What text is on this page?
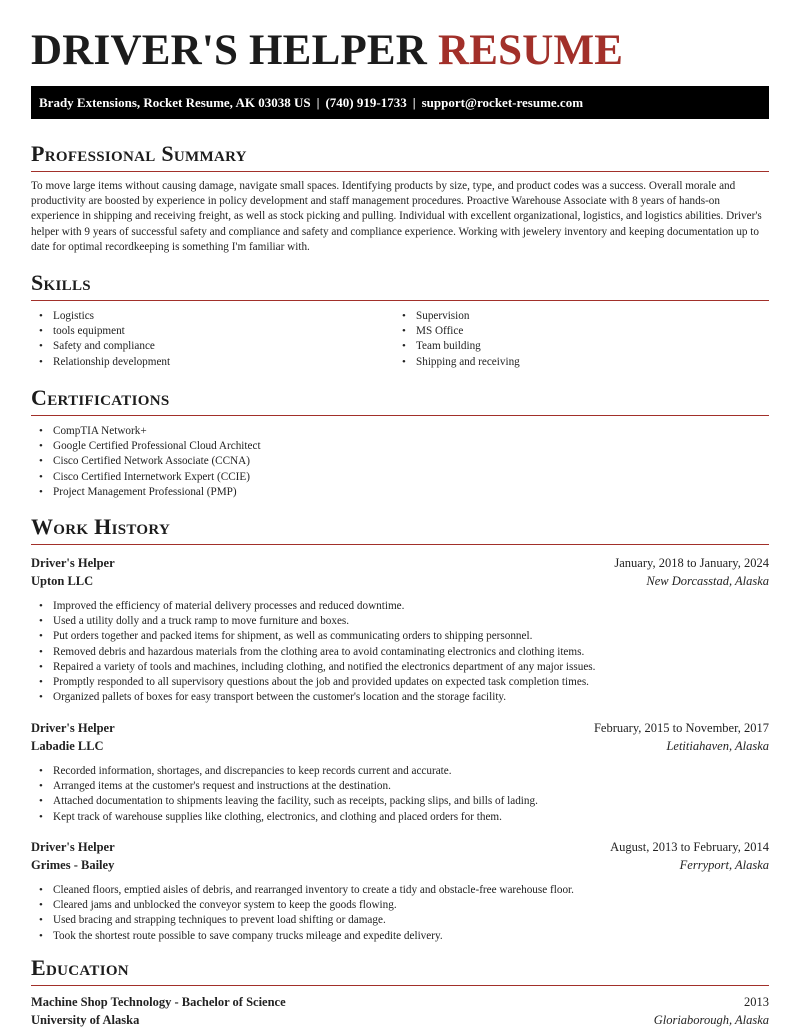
DRIVER'S HELPER RESUME
Brady Extensions, Rocket Resume, AK 03038 US | (740) 919-1733 | support@rocket-resume.com
Professional Summary

To move large items without causing damage, navigate small spaces. Identifying products by size, type, and product codes was a success. Overall morale and productivity are boosted by experience in policy development and staff management procedures. Proactive Warehouse Associate with 8 years of hands-on experience in shipping and receiving freight, as well as stock picking and pulling. Individual with excellent organizational, logistics, and logistics abilities. Driver's helper with 9 years of successful safety and compliance and safety and compliance experience. Working with jewelery inventory and keeping documentation up to date for optimal recordkeeping is something I'm familiar with.

Skills
• Logistics
• tools equipment
• Safety and compliance
• Relationship development
• Supervision
• MS Office
• Team building
• Shipping and receiving
Certifications
• CompTIA Network+
• Google Certified Professional Cloud Architect
• Cisco Certified Network Associate (CCNA)
• Cisco Certified Internetwork Expert (CCIE)
• Project Management Professional (PMP)
Work History
Driver's Helper	January, 2018 to January, 2024
Upton LLC	New Dorcasstad, Alaska
• Improved the efficiency of material delivery processes and reduced downtime.
• Used a utility dolly and a truck ramp to move furniture and boxes.
• Put orders together and packed items for shipment, as well as communicating orders to shipping personnel.
• Removed debris and hazardous materials from the clothing area to avoid contaminating electronics and clothing items.
• Repaired a variety of tools and machines, including clothing, and notified the electronics department of any major issues.
• Promptly responded to all supervisory questions about the job and provided updates on expected task completion times.
• Organized pallets of boxes for easy transport between the customer's location and the storage facility.
Driver's Helper	February, 2015 to November, 2017
Labadie LLC	Letitiahaven, Alaska
• Recorded information, shortages, and discrepancies to keep records current and accurate.
• Arranged items at the customer's request and instructions at the destination.
• Attached documentation to shipments leaving the facility, such as receipts, packing slips, and bills of lading.
• Kept track of warehouse supplies like clothing, electronics, and clothing and placed orders for them.
Driver's Helper	August, 2013 to February, 2014
Grimes - Bailey	Ferryport, Alaska
• Cleaned floors, emptied aisles of debris, and rearranged inventory to create a tidy and obstacle-free warehouse floor.
• Cleared jams and unblocked the conveyor system to keep the goods flowing.
• Used bracing and strapping techniques to prevent load shifting or damage.
• Took the shortest route possible to save company trucks mileage and expedite delivery.
Education
Machine Shop Technology - Bachelor of Science	2013
University of Alaska	Gloriaborough, Alaska
